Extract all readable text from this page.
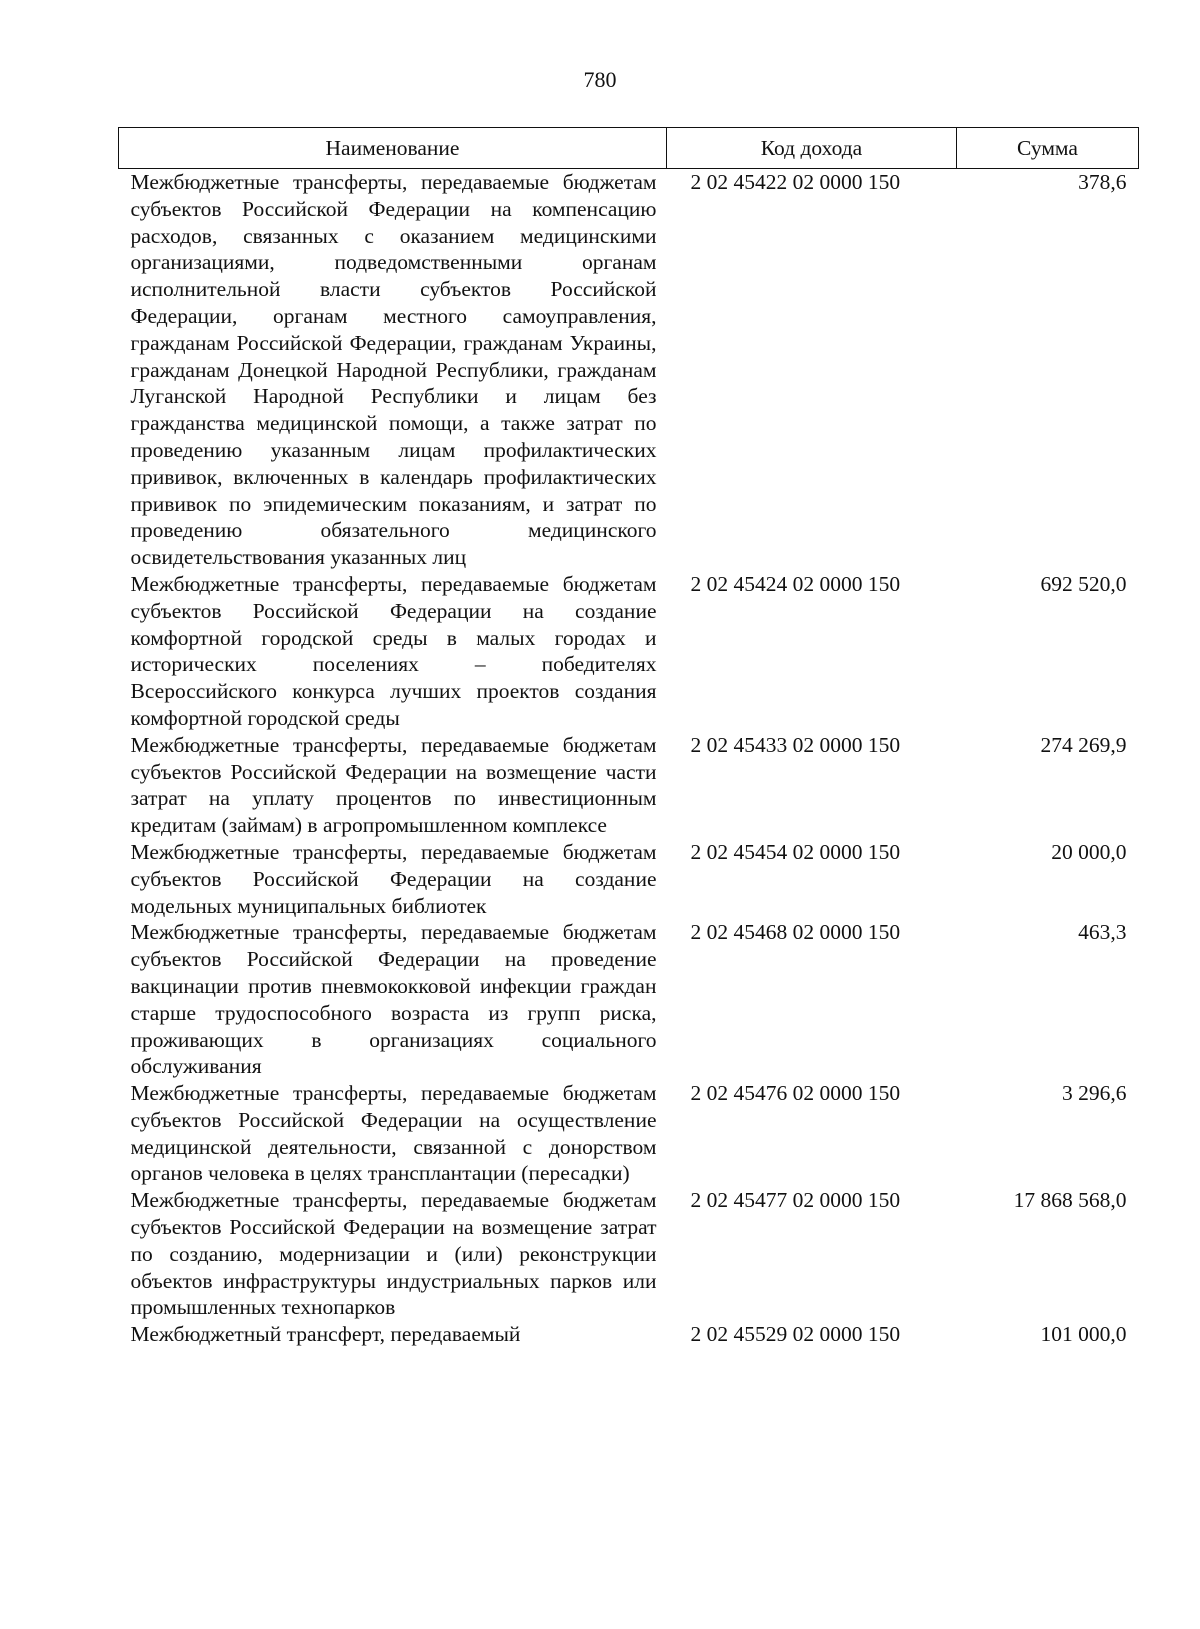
780
Наименование	Код дохода	Сумма
Межбюджетные трансферты, передаваемые бюджетам субъектов Российской Федерации на компенсацию расходов, связанных с оказанием медицинскими организациями, подведомственными органам исполнительной власти субъектов Российской Федерации, органам местного самоуправления, гражданам Российской Федерации, гражданам Украины, гражданам Донецкой Народной Республики, гражданам Луганской Народной Республики и лицам без гражданства медицинской помощи, а также затрат по проведению указанным лицам профилактических прививок, включенных в календарь профилактических прививок по эпидемическим показаниям, и затрат по проведению обязательного медицинского освидетельствования указанных лиц	2 02 45422 02 0000 150	378,6
Межбюджетные трансферты, передаваемые бюджетам субъектов Российской Федерации на создание комфортной городской среды в малых городах и исторических поселениях – победителях Всероссийского конкурса лучших проектов создания комфортной городской среды	2 02 45424 02 0000 150	692 520,0
Межбюджетные трансферты, передаваемые бюджетам субъектов Российской Федерации на возмещение части затрат на уплату процентов по инвестиционным кредитам (займам) в агропромышленном комплексе	2 02 45433 02 0000 150	274 269,9
Межбюджетные трансферты, передаваемые бюджетам субъектов Российской Федерации на создание модельных муниципальных библиотек	2 02 45454 02 0000 150	20 000,0
Межбюджетные трансферты, передаваемые бюджетам субъектов Российской Федерации на проведение вакцинации против пневмококковой инфекции граждан старше трудоспособного возраста из групп риска, проживающих в организациях социального обслуживания	2 02 45468 02 0000 150	463,3
Межбюджетные трансферты, передаваемые бюджетам субъектов Российской Федерации на осуществление медицинской деятельности, связанной с донорством органов человека в целях трансплантации (пересадки)	2 02 45476 02 0000 150	3 296,6
Межбюджетные трансферты, передаваемые бюджетам субъектов Российской Федерации на возмещение затрат по созданию, модернизации и (или) реконструкции объектов инфраструктуры индустриальных парков или промышленных технопарков	2 02 45477 02 0000 150	17 868 568,0
Межбюджетный трансферт, передаваемый	2 02 45529 02 0000 150	101 000,0
